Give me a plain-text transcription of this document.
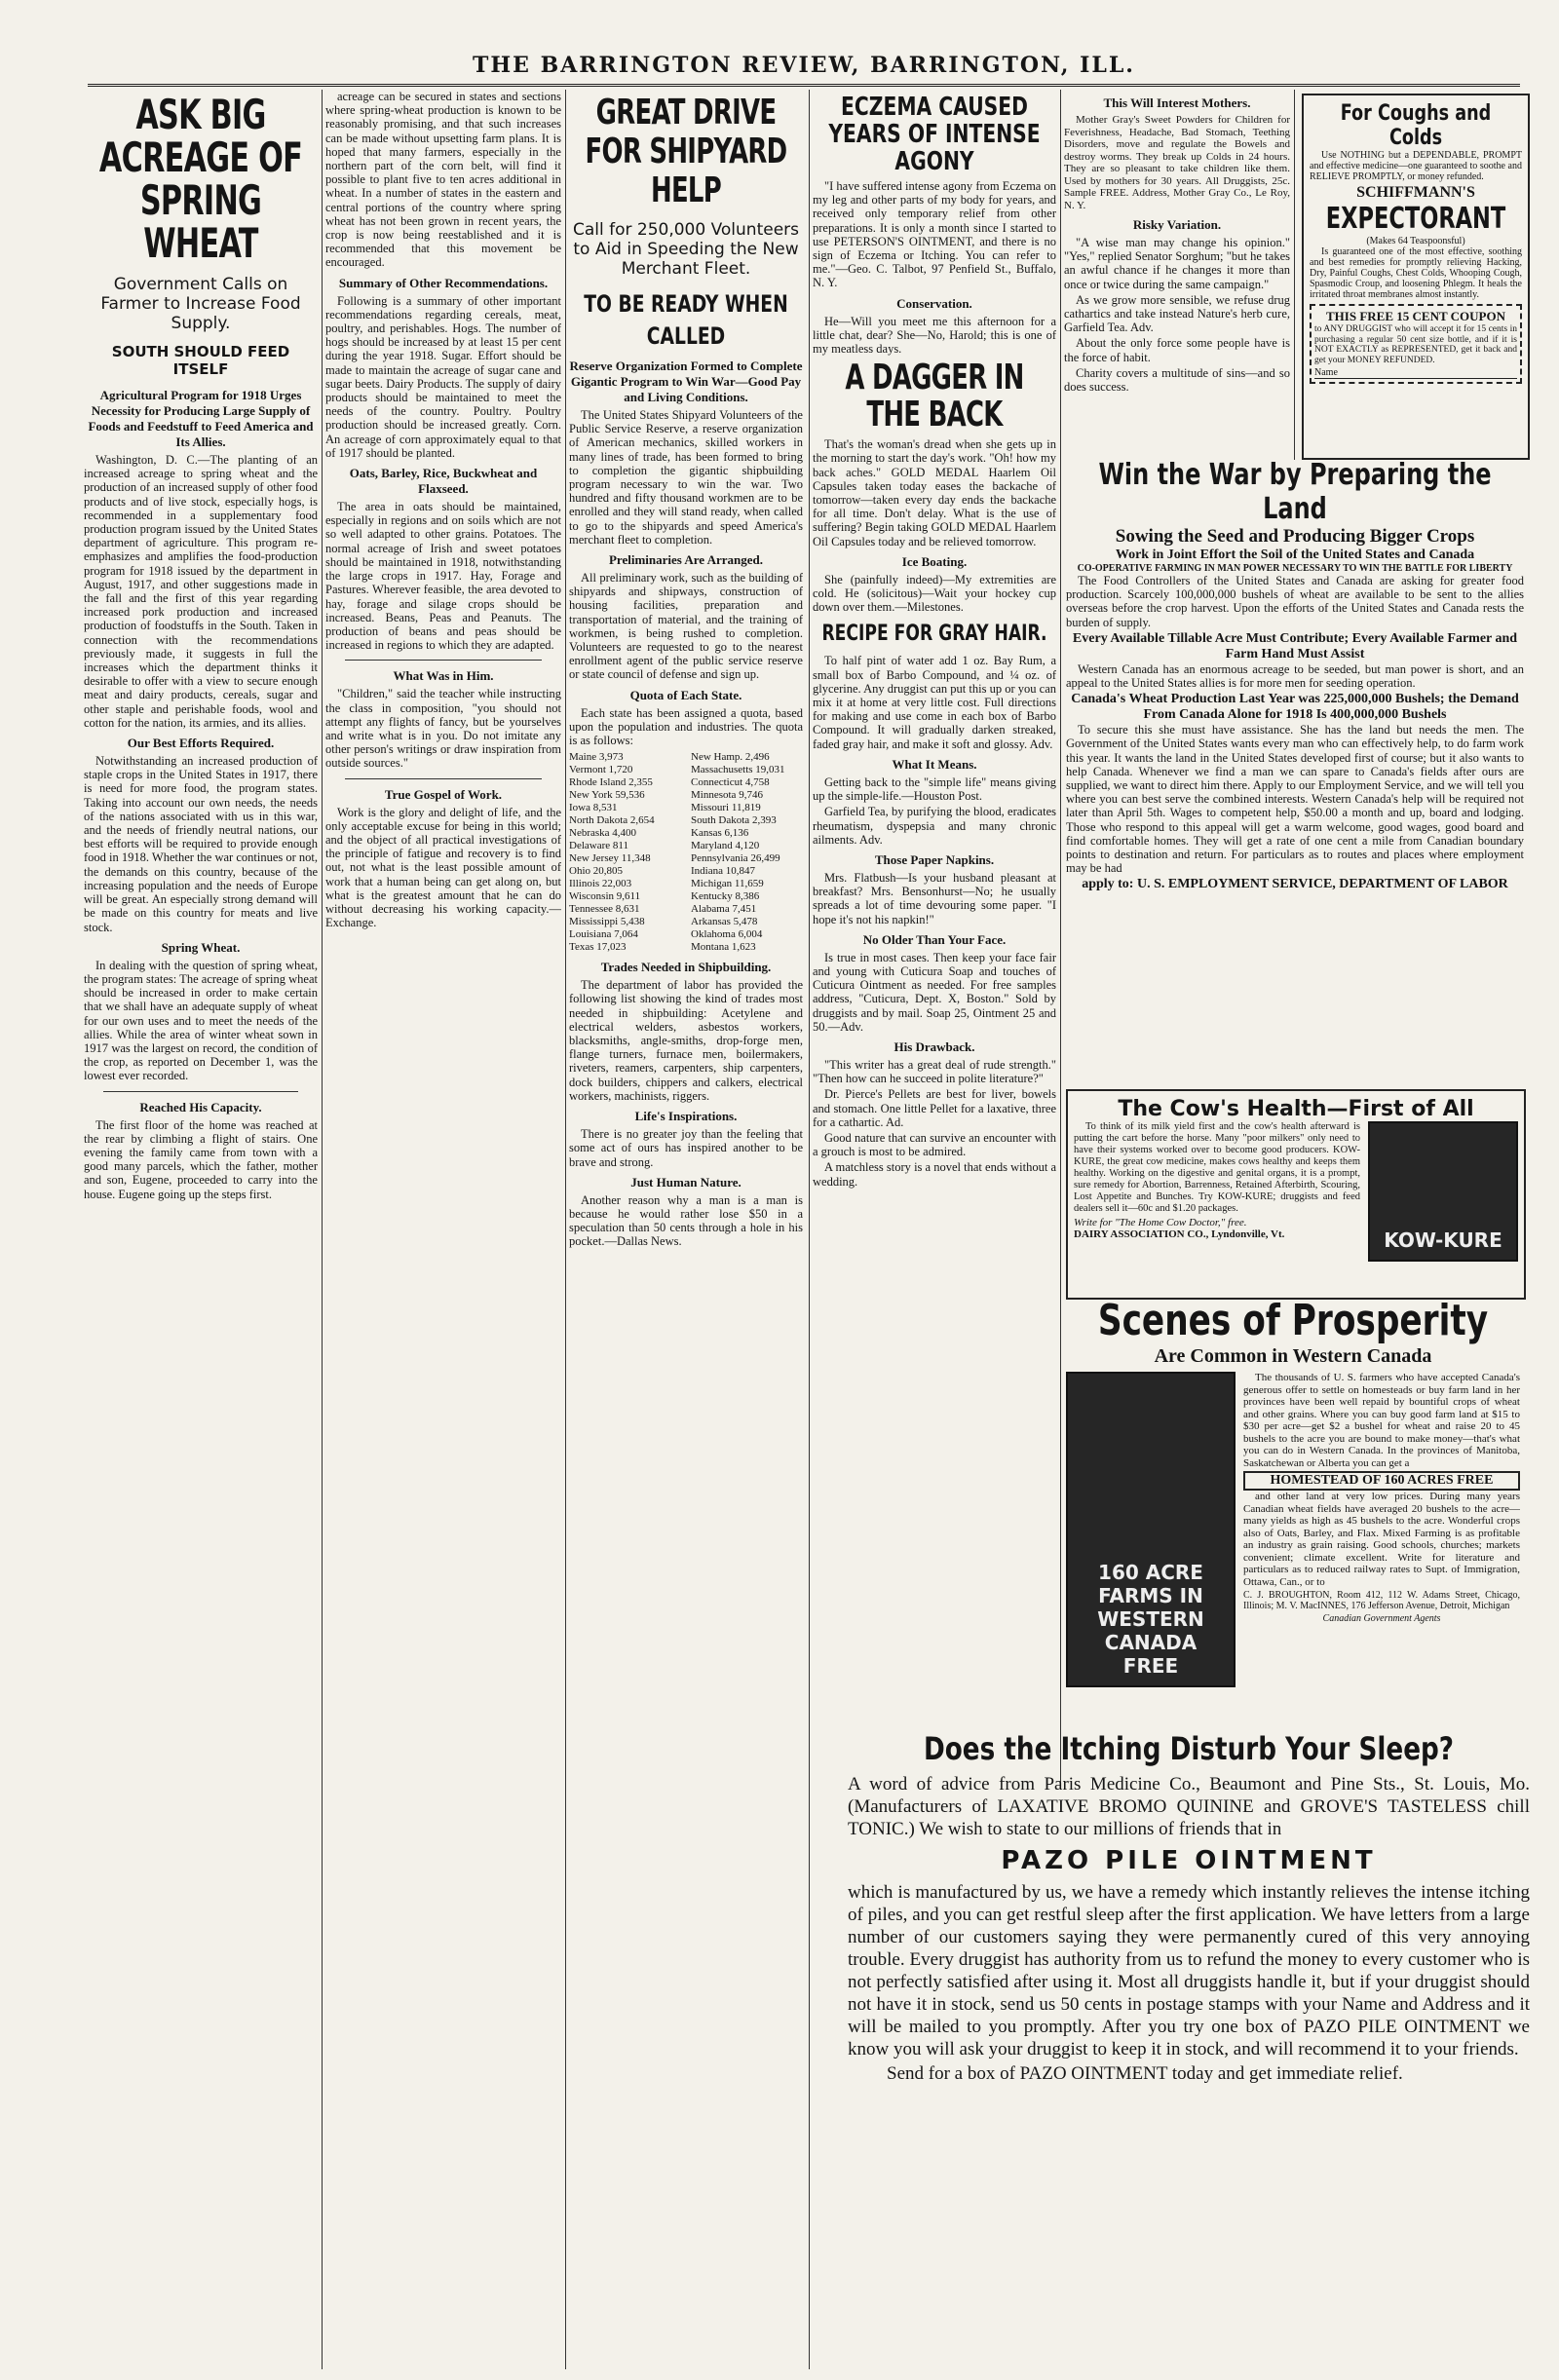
THE BARRINGTON REVIEW, BARRINGTON, ILL.
ASK BIG ACREAGE OF SPRING WHEAT
Government Calls on Farmer to Increase Food Supply.
SOUTH SHOULD FEED ITSELF
Agricultural Program for 1918 Urges Necessity for Producing Large Supply of Foods and Feedstuff to Feed America and Its Allies.

Washington, D. C.—The planting of an increased acreage to spring wheat and the production of an increased supply of other food products and of live stock, especially hogs, is recommended in a supplementary food production program issued by the United States department of agriculture. This program re-emphasizes and amplifies the food-production program for 1918 issued by the department in August, 1917, and other suggestions made in the fall and the first of this year regarding increased pork production and increased production of foodstuffs in the South. Taken in connection with the recommendations previously made, it suggests in full the increases which the department thinks it desirable to offer with a view to secure enough meat and dairy products, cereals, sugar and other staple and perishable foods, wool and cotton for the nation, its armies, and its allies.

Our Best Efforts Required.

Notwithstanding an increased production of staple crops in the United States in 1917, there is need for more food, the program states. Taking into account our own needs, the needs of the nations associated with us in this war, and the needs of friendly neutral nations, our best efforts will be required to provide enough food in 1918. Whether the war continues or not, the demands on this country, because of the increasing population and the needs of Europe will be great. An especially strong demand will be made on this country for meats and live stock.

Spring Wheat.

In dealing with the question of spring wheat, the program states: The acreage of spring wheat should be increased in order to make certain that we shall have an adequate supply of wheat for our own uses and to meet the needs of the allies. While the area of winter wheat sown in 1917 was the largest on record, the condition of the crop, as reported on December 1, was the lowest ever recorded.

Reached His Capacity.

The first floor of the home was reached at the rear by climbing a flight of stairs. One evening the family came from town with a good many parcels, which the father, mother and son, Eugene, proceeded to carry into the house. Eugene going up the steps first.

acreage can be secured in states and sections where spring-wheat production is known to be reasonably promising, and that such increases can be made without upsetting farm plans. It is hoped that many farmers, especially in the northern part of the corn belt, will find it possible to plant five to ten acres additional in wheat. In a number of states in the eastern and central portions of the country where spring wheat has not been grown in recent years, the crop is now being reestablished and it is recommended that this movement be encouraged.

Summary of Other Recommendations.

Following is a summary of other important recommendations regarding cereals, meat, poultry, and perishables. Hogs. The number of hogs should be increased by at least 15 per cent during the year 1918. Sugar. Effort should be made to maintain the acreage of sugar cane and sugar beets. Dairy Products. The supply of dairy products should be maintained to meet the needs of the country. Poultry. Poultry production should be increased greatly. Corn. An acreage of corn approximately equal to that of 1917 should be planted.

Oats, Barley, Rice, Buckwheat and Flaxseed.

The area in oats should be maintained, especially in regions and on soils which are not so well adapted to other grains. Potatoes. The normal acreage of Irish and sweet potatoes should be maintained in 1918, notwithstanding the large crops in 1917. Hay, Forage and Pastures. Wherever feasible, the area devoted to hay, forage and silage crops should be increased. Beans, Peas and Peanuts. The production of beans and peas should be increased in regions to which they are adapted.

What Was in Him.

"Children," said the teacher while instructing the class in composition, "you should not attempt any flights of fancy, but be yourselves and write what is in you. Do not imitate any other person's writings or draw inspiration from outside sources."

True Gospel of Work.

Work is the glory and delight of life, and the only acceptable excuse for being in this world; and the object of all practical investigations of the principle of fatigue and recovery is to find out, not what is the least possible amount of work that a human being can get along on, but what is the greatest amount that he can do without decreasing his working capacity.—Exchange.

GREAT DRIVE FOR SHIPYARD HELP
Call for 250,000 Volunteers to Aid in Speeding the New Merchant Fleet.
TO BE READY WHEN CALLED
Reserve Organization Formed to Complete Gigantic Program to Win War—Good Pay and Living Conditions.

The United States Shipyard Volunteers of the Public Service Reserve, a reserve organization of American mechanics, skilled workers in many lines of trade, has been formed to bring to completion the gigantic shipbuilding program necessary to win the war. Two hundred and fifty thousand workmen are to be enrolled and they will stand ready, when called to go to the shipyards and speed America's merchant fleet to completion.

Preliminaries Are Arranged.

All preliminary work, such as the building of shipyards and shipways, construction of housing facilities, preparation and transportation of material, and the training of workmen, is being rushed to completion. Volunteers are requested to go to the nearest enrollment agent of the public service reserve or state council of defense and sign up.

Quota of Each State.

Each state has been assigned a quota, based upon the population and industries. The quota is as follows:

Maine 3,973	New Hamp. 2,496
Vermont 1,720	Massachusetts 19,031
Rhode Island 2,355	Connecticut 4,758
New York 59,536	Minnesota 9,746
Iowa 8,531	Missouri 11,819
North Dakota 2,654	South Dakota 2,393
Nebraska 4,400	Kansas 6,136
Delaware 811	Maryland 4,120
New Jersey 11,348	Pennsylvania 26,499
Ohio 20,805	Indiana 10,847
Illinois 22,003	Michigan 11,659
Wisconsin 9,611	Kentucky 8,386
Tennessee 8,631	Alabama 7,451
Mississippi 5,438	Arkansas 5,478
Louisiana 7,064	Oklahoma 6,004
Texas 17,023	Montana 1,623
Trades Needed in Shipbuilding.

The department of labor has provided the following list showing the kind of trades most needed in shipbuilding: Acetylene and electrical welders, asbestos workers, blacksmiths, angle-smiths, drop-forge men, flange turners, furnace men, boilermakers, riveters, reamers, carpenters, ship carpenters, dock builders, chippers and calkers, electrical workers, machinists, riggers.

Life's Inspirations.

There is no greater joy than the feeling that some act of ours has inspired another to be brave and strong.

Just Human Nature.

Another reason why a man is a man is because he would rather lose $50 in a speculation than 50 cents through a hole in his pocket.—Dallas News.

ECZEMA CAUSED YEARS OF INTENSE AGONY

"I have suffered intense agony from Eczema on my leg and other parts of my body for years, and received only temporary relief from other preparations. It is only a month since I started to use PETERSON'S OINTMENT, and there is no sign of Eczema or Itching. You can refer to me."—Geo. C. Talbot, 97 Penfield St., Buffalo, N. Y.

Conservation.

He—Will you meet me this afternoon for a little chat, dear? She—No, Harold; this is one of my meatless days.

A DAGGER IN THE BACK

That's the woman's dread when she gets up in the morning to start the day's work. "Oh! how my back aches." GOLD MEDAL Haarlem Oil Capsules taken today eases the backache of tomorrow—taken every day ends the backache for all time. Don't delay. What is the use of suffering? Begin taking GOLD MEDAL Haarlem Oil Capsules today and be relieved tomorrow.

Ice Boating.

She (painfully indeed)—My extremities are cold. He (solicitous)—Wait your hockey cup down over them.—Milestones.

RECIPE FOR GRAY HAIR.

To half pint of water add 1 oz. Bay Rum, a small box of Barbo Compound, and ¼ oz. of glycerine. Any druggist can put this up or you can mix it at home at very little cost. Full directions for making and use come in each box of Barbo Compound. It will gradually darken streaked, faded gray hair, and make it soft and glossy. Adv.

What It Means.

Getting back to the "simple life" means giving up the simple-life.—Houston Post.

Garfield Tea, by purifying the blood, eradicates rheumatism, dyspepsia and many chronic ailments. Adv.

Those Paper Napkins.

Mrs. Flatbush—Is your husband pleasant at breakfast? Mrs. Bensonhurst—No; he usually spreads a lot of time devouring some paper. "I hope it's not his napkin!"

No Older Than Your Face.

Is true in most cases. Then keep your face fair and young with Cuticura Soap and touches of Cuticura Ointment as needed. For free samples address, "Cuticura, Dept. X, Boston." Sold by druggists and by mail. Soap 25, Ointment 25 and 50.—Adv.

His Drawback.

"This writer has a great deal of rude strength." "Then how can he succeed in polite literature?"

Dr. Pierce's Pellets are best for liver, bowels and stomach. One little Pellet for a laxative, three for a cathartic. Ad.

Good nature that can survive an encounter with a grouch is most to be admired.

A matchless story is a novel that ends without a wedding.

This Will Interest Mothers.

Mother Gray's Sweet Powders for Children for Feverishness, Headache, Bad Stomach, Teething Disorders, move and regulate the Bowels and destroy worms. They break up Colds in 24 hours. They are so pleasant to take children like them. Used by mothers for 30 years. All Druggists, 25c. Sample FREE. Address, Mother Gray Co., Le Roy, N. Y.

Risky Variation.

"A wise man may change his opinion." "Yes," replied Senator Sorghum; "but he takes an awful chance if he changes it more than once or twice during the same campaign."

As we grow more sensible, we refuse drug cathartics and take instead Nature's herb cure, Garfield Tea. Adv.

About the only force some people have is the force of habit.

Charity covers a multitude of sins—and so does success.

For Coughs and Colds

Use NOTHING but a DEPENDABLE, PROMPT and effective medicine—one guaranteed to soothe and RELIEVE PROMPTLY, or money refunded.

SCHIFFMANN'S
EXPECTORANT
(Makes 64 Teaspoonsful)

Is guaranteed one of the most effective, soothing and best remedies for promptly relieving Hacking, Dry, Painful Coughs, Chest Colds, Whooping Cough, Spasmodic Croup, and loosening Phlegm. It heals the irritated throat membranes almost instantly.

THIS FREE 15 CENT COUPON

to ANY DRUGGIST who will accept it for 15 cents in purchasing a regular 50 cent size bottle, and if it is NOT EXACTLY as REPRESENTED, get it back and get your MONEY REFUNDED.

Name
Win the War by Preparing the Land
Sowing the Seed and Producing Bigger Crops
Work in Joint Effort the Soil of the United States and Canada
CO-OPERATIVE FARMING IN MAN POWER NECESSARY TO WIN THE BATTLE FOR LIBERTY

The Food Controllers of the United States and Canada are asking for greater food production. Scarcely 100,000,000 bushels of wheat are available to be sent to the allies overseas before the crop harvest. Upon the efforts of the United States and Canada rests the burden of supply.

Every Available Tillable Acre Must Contribute; Every Available Farmer and Farm Hand Must Assist

Western Canada has an enormous acreage to be seeded, but man power is short, and an appeal to the United States allies is for more men for seeding operation.

Canada's Wheat Production Last Year was 225,000,000 Bushels; the Demand From Canada Alone for 1918 Is 400,000,000 Bushels

To secure this she must have assistance. She has the land but needs the men. The Government of the United States wants every man who can effectively help, to do farm work this year. It wants the land in the United States developed first of course; but it also wants to help Canada. Whenever we find a man we can spare to Canada's fields after ours are supplied, we want to direct him there. Apply to our Employment Service, and we will tell you where you can best serve the combined interests. Western Canada's help will be required not later than April 5th. Wages to competent help, $50.00 a month and up, board and lodging. Those who respond to this appeal will get a warm welcome, good wages, good board and find comfortable homes. They will get a rate of one cent a mile from Canadian boundary points to destination and return. For particulars as to routes and places where employment may be had

apply to: U. S. EMPLOYMENT SERVICE, DEPARTMENT OF LABOR
The Cow's Health—First of All

To think of its milk yield first and the cow's health afterward is putting the cart before the horse. Many "poor milkers" only need to have their systems worked over to become good producers. KOW-KURE, the great cow medicine, makes cows healthy and keeps them healthy. Working on the digestive and genital organs, it is a prompt, sure remedy for Abortion, Barrenness, Retained Afterbirth, Scouring, Lost Appetite and Bunches. Try KOW-KURE; druggists and feed dealers sell it—60c and $1.20 packages.

Write for "The Home Cow Doctor," free.
DAIRY ASSOCIATION CO., Lyndonville, Vt.	KOW-KURE
Scenes of Prosperity
Are Common in Western Canada
160 ACRE FARMS IN WESTERN CANADA FREE

The thousands of U. S. farmers who have accepted Canada's generous offer to settle on homesteads or buy farm land in her provinces have been well repaid by bountiful crops of wheat and other grains. Where you can buy good farm land at $15 to $30 per acre—get $2 a bushel for wheat and raise 20 to 45 bushels to the acre you are bound to make money—that's what you can do in Western Canada. In the provinces of Manitoba, Saskatchewan or Alberta you can get a

HOMESTEAD OF 160 ACRES FREE

and other land at very low prices. During many years Canadian wheat fields have averaged 20 bushels to the acre—many yields as high as 45 bushels to the acre. Wonderful crops also of Oats, Barley, and Flax. Mixed Farming is as profitable an industry as grain raising. Good schools, churches; markets convenient; climate excellent. Write for literature and particulars as to reduced railway rates to Supt. of Immigration, Ottawa, Can., or to

C. J. BROUGHTON, Room 412, 112 W. Adams Street, Chicago, Illinois; M. V. MacINNES, 176 Jefferson Avenue, Detroit, Michigan

Canadian Government Agents
Does the Itching Disturb Your Sleep?

A word of advice from Paris Medicine Co., Beaumont and Pine Sts., St. Louis, Mo. (Manufacturers of LAXATIVE BROMO QUININE and GROVE'S TASTELESS chill TONIC.) We wish to state to our millions of friends that in

PAZO PILE OINTMENT

which is manufactured by us, we have a remedy which instantly relieves the intense itching of piles, and you can get restful sleep after the first application. We have letters from a large number of our customers saying they were permanently cured of this very annoying trouble. Every druggist has authority from us to refund the money to every customer who is not perfectly satisfied after using it. Most all druggists handle it, but if your druggist should not have it in stock, send us 50 cents in postage stamps with your Name and Address and it will be mailed to you promptly. After you try one box of PAZO PILE OINTMENT we know you will ask your druggist to keep it in stock, and will recommend it to your friends.

Send for a box of PAZO OINTMENT today and get immediate relief.
